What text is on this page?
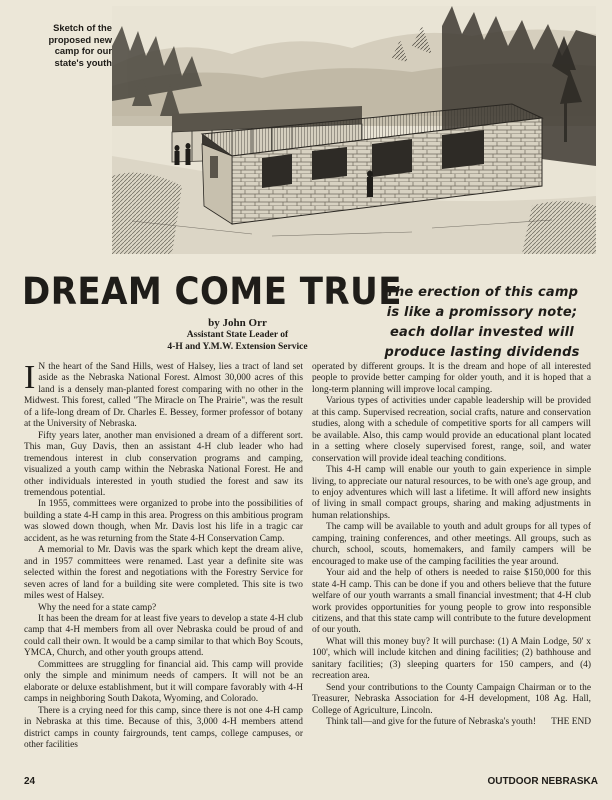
Sketch of the
proposed new
camp for our
state's youth
DREAM COME TRUE
by John Orr
Assistant State Leader of
4-H and Y.M.W. Extension Service
The erection of this camp
is like a promissory note;
each dollar invested will
produce lasting dividends

I N the heart of the Sand Hills, west of Halsey, lies a tract of land set aside as the Nebraska National Forest. Almost 30,000 acres of this land is a densely man-planted forest comparing with no other in the Midwest. This forest, called "The Miracle on The Prairie", was the result of a life-long dream of Dr. Charles E. Bessey, former professor of botany at the University of Nebraska.

Fifty years later, another man envisioned a dream of a different sort. This man, Guy Davis, then an assistant 4-H club leader who had tremendous interest in club conservation programs and camping, visualized a youth camp within the Nebraska National Forest. He and other individuals interested in youth studied the forest and saw its tremendous potential.

In 1955, committees were organized to probe into the possibilities of building a state 4-H camp in this area. Progress on this ambitious program was slowed down though, when Mr. Davis lost his life in a tragic car accident, as he was returning from the State 4-H Conservation Camp.

A memorial to Mr. Davis was the spark which kept the dream alive, and in 1957 committees were renamed. Last year a definite site was selected within the forest and negotiations with the Forestry Service for seven acres of land for a building site were completed. This site is two miles west of Halsey.

Why the need for a state camp?

It has been the dream for at least five years to develop a state 4-H club camp that 4-H members from all over Nebraska could be proud of and could call their own. It would be a camp similar to that which Boy Scouts, YMCA, Church, and other youth groups attend.

Committees are struggling for financial aid. This camp will provide only the simple and minimum needs of campers. It will not be an elaborate or deluxe establishment, but it will compare favorably with 4-H camps in neighboring South Dakota, Wyoming, and Colorado.

There is a crying need for this camp, since there is not one 4-H camp in Nebraska at this time. Because of this, 3,000 4-H members attend district camps in county fairgrounds, tent camps, college campuses, or other facilities

operated by different groups. It is the dream and hope of all interested people to provide better camping for older youth, and it is hoped that a long-term planning will improve local camping.

Various types of activities under capable leadership will be provided at this camp. Supervised recreation, social crafts, nature and conservation studies, along with a schedule of competitive sports for all campers will be available. Also, this camp would provide an educational plant located in a setting where closely supervised forest, range, soil, and water conservation will provide ideal teaching conditions.

This 4-H camp will enable our youth to gain experience in simple living, to appreciate our natural resources, to be with one's age group, and to enjoy adventures which will last a lifetime. It will afford new insights of living in small compact groups, sharing and making adjustments in human relationships.

The camp will be available to youth and adult groups for all types of camping, training conferences, and other meetings. All groups, such as church, school, scouts, homemakers, and family campers will be encouraged to make use of the camping facilities the year around.

Your aid and the help of others is needed to raise $150,000 for this state 4-H camp. This can be done if you and others believe that the future welfare of our youth warrants a small financial investment; that 4-H club work provides opportunities for young people to grow into responsible citizens, and that this state camp will contribute to the future development of our youth.

What will this money buy? It will purchase: (1) A Main Lodge, 50' x 100', which will include kitchen and dining facilities; (2) bathhouse and sanitary facilities; (3) sleeping quarters for 150 campers, and (4) recreation area.

Send your contributions to the County Campaign Chairman or to the Treasurer, Nebraska Association for 4-H development, 108 Ag. Hall, College of Agriculture, Lincoln.

Think tall—and give for the future of Nebraska's youth!	THE END

24	OUTDOOR NEBRASKA
